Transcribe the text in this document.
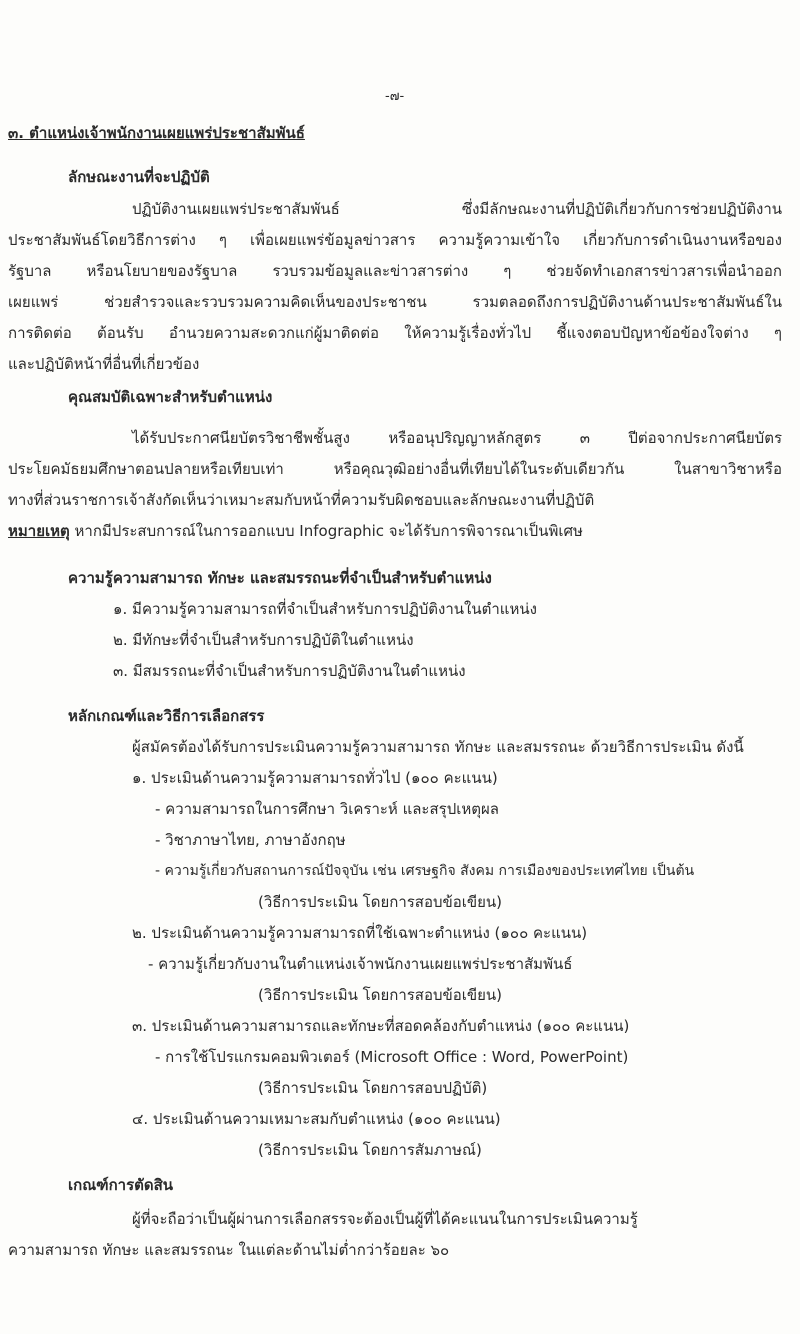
-๗-
๓. ตำแหน่งเจ้าพนักงานเผยแพร่ประชาสัมพันธ์
ลักษณะงานที่จะปฏิบัติ
ปฏิบัติงานเผยแพร่ประชาสัมพันธ์ ซึ่งมีลักษณะงานที่ปฏิบัติเกี่ยวกับการช่วยปฏิบัติงาน
ประชาสัมพันธ์โดยวิธีการต่าง ๆ เพื่อเผยแพร่ข้อมูลข่าวสาร ความรู้ความเข้าใจ เกี่ยวกับการดำเนินงานหรือของ
รัฐบาล หรือนโยบายของรัฐบาล รวบรวมข้อมูลและข่าวสารต่าง ๆ ช่วยจัดทำเอกสารข่าวสารเพื่อนำออก
เผยแพร่ ช่วยสำรวจและรวบรวมความคิดเห็นของประชาชน รวมตลอดถึงการปฏิบัติงานด้านประชาสัมพันธ์ใน
การติดต่อ ต้อนรับ อำนวยความสะดวกแก่ผู้มาติดต่อ ให้ความรู้เรื่องทั่วไป ชี้แจงตอบปัญหาข้อข้องใจต่าง ๆ
และปฏิบัติหน้าที่อื่นที่เกี่ยวข้อง
คุณสมบัติเฉพาะสำหรับตำแหน่ง
ได้รับประกาศนียบัตรวิชาชีพชั้นสูง หรืออนุปริญญาหลักสูตร ๓ ปีต่อจากประกาศนียบัตร
ประโยคมัธยมศึกษาตอนปลายหรือเทียบเท่า หรือคุณวุฒิอย่างอื่นที่เทียบได้ในระดับเดียวกัน ในสาขาวิชาหรือ
ทางที่ส่วนราชการเจ้าสังกัดเห็นว่าเหมาะสมกับหน้าที่ความรับผิดชอบและลักษณะงานที่ปฏิบัติ
หมายเหตุ หากมีประสบการณ์ในการออกแบบ Infographic จะได้รับการพิจารณาเป็นพิเศษ
ความรู้ความสามารถ ทักษะ และสมรรถนะที่จำเป็นสำหรับตำแหน่ง
๑. มีความรู้ความสามารถที่จำเป็นสำหรับการปฏิบัติงานในตำแหน่ง
๒. มีทักษะที่จำเป็นสำหรับการปฏิบัติในตำแหน่ง
๓. มีสมรรถนะที่จำเป็นสำหรับการปฏิบัติงานในตำแหน่ง
หลักเกณฑ์และวิธีการเลือกสรร
ผู้สมัครต้องได้รับการประเมินความรู้ความสามารถ ทักษะ และสมรรถนะ ด้วยวิธีการประเมิน ดังนี้
๑. ประเมินด้านความรู้ความสามารถทั่วไป (๑๐๐ คะแนน)
- ความสามารถในการศึกษา วิเคราะห์ และสรุปเหตุผล
- วิชาภาษาไทย, ภาษาอังกฤษ
- ความรู้เกี่ยวกับสถานการณ์ปัจจุบัน เช่น เศรษฐกิจ สังคม การเมืองของประเทศไทย เป็นต้น
(วิธีการประเมิน โดยการสอบข้อเขียน)
๒. ประเมินด้านความรู้ความสามารถที่ใช้เฉพาะตำแหน่ง (๑๐๐ คะแนน)
- ความรู้เกี่ยวกับงานในตำแหน่งเจ้าพนักงานเผยแพร่ประชาสัมพันธ์
(วิธีการประเมิน โดยการสอบข้อเขียน)
๓. ประเมินด้านความสามารถและทักษะที่สอดคล้องกับตำแหน่ง (๑๐๐ คะแนน)
- การใช้โปรแกรมคอมพิวเตอร์ (Microsoft Office : Word, PowerPoint)
(วิธีการประเมิน โดยการสอบปฏิบัติ)
๔. ประเมินด้านความเหมาะสมกับตำแหน่ง (๑๐๐ คะแนน)
(วิธีการประเมิน โดยการสัมภาษณ์)
เกณฑ์การตัดสิน
ผู้ที่จะถือว่าเป็นผู้ผ่านการเลือกสรรจะต้องเป็นผู้ที่ได้คะแนนในการประเมินความรู้
ความสามารถ ทักษะ และสมรรถนะ ในแต่ละด้านไม่ต่ำกว่าร้อยละ ๖๐
